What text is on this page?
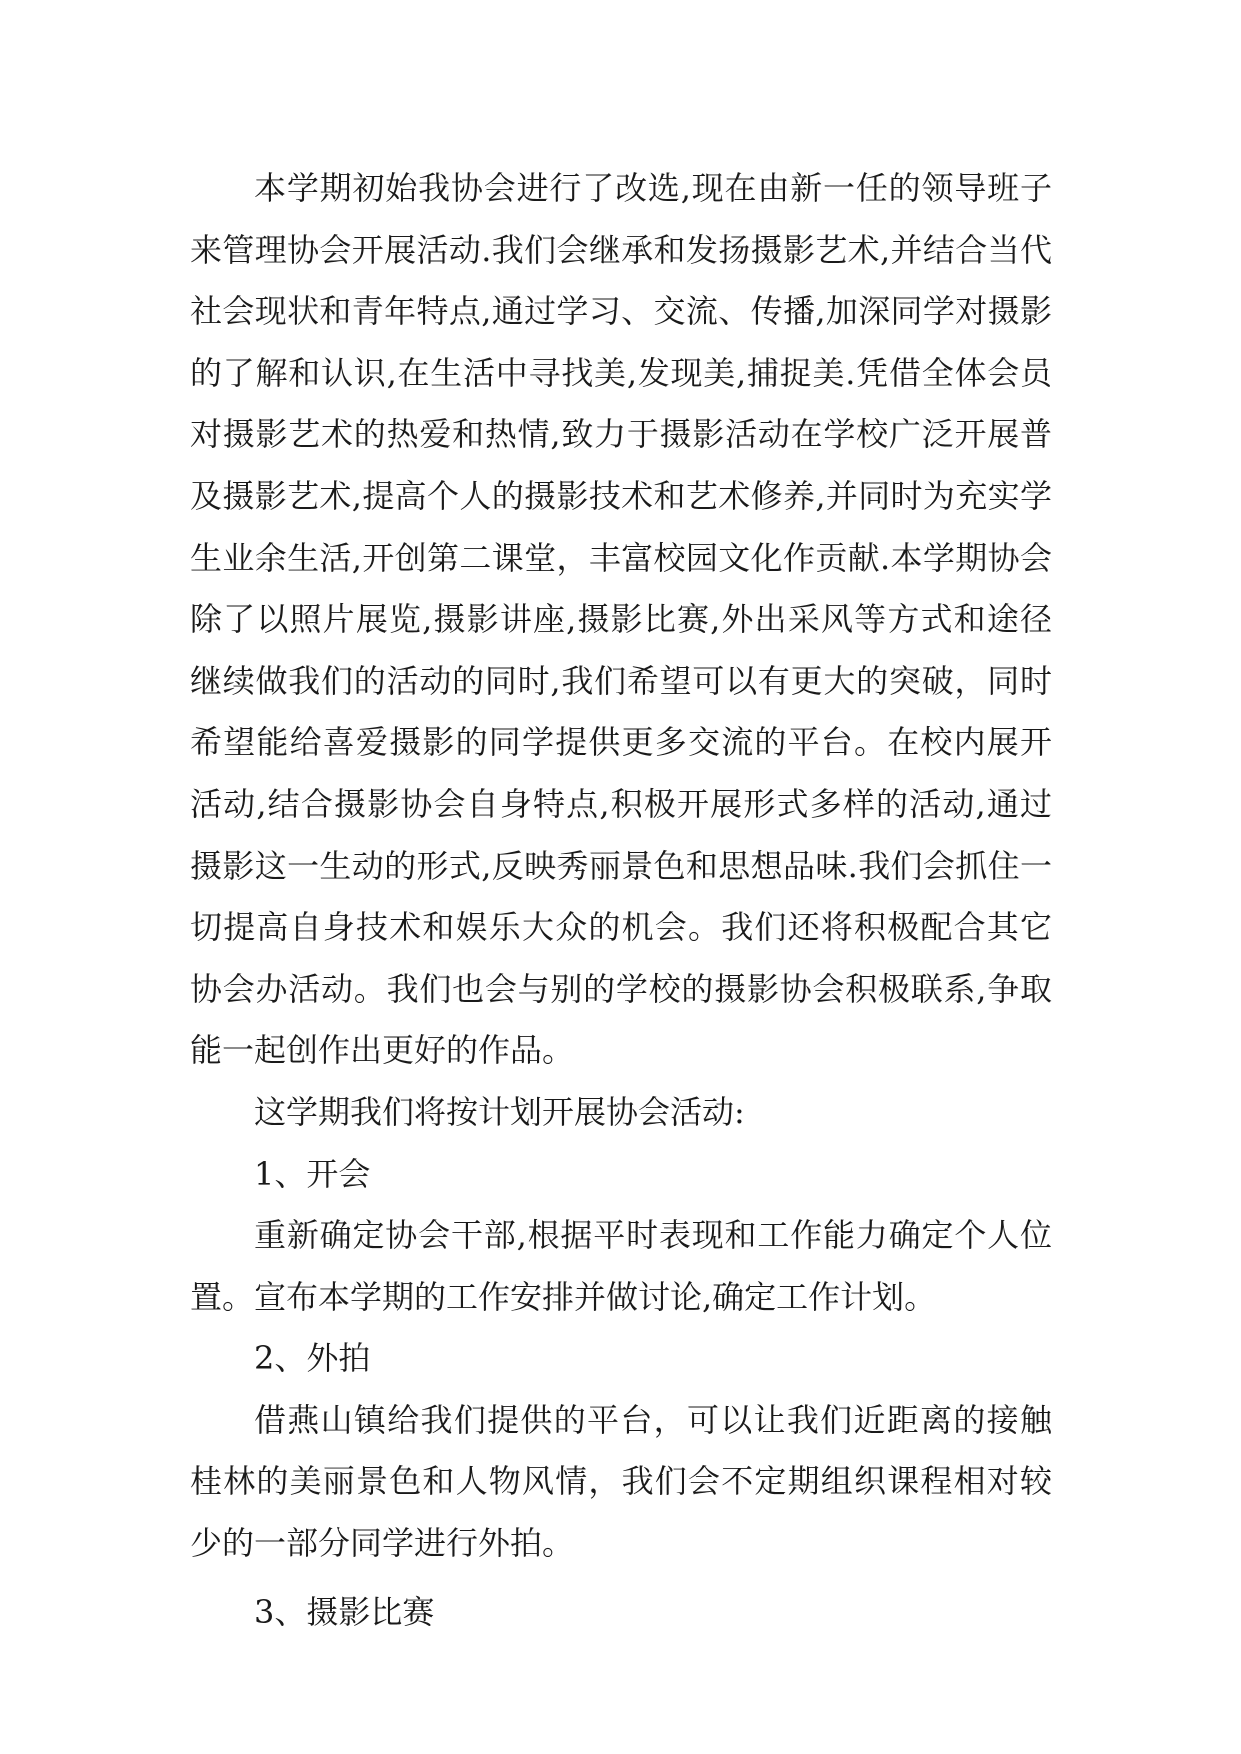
本学期初始我协会进行了改选,现在由新一任的领导班子来管理协会开展活动.我们会继承和发扬摄影艺术,并结合当代社会现状和青年特点,通过学习、交流、传播,加深同学对摄影的了解和认识,在生活中寻找美,发现美,捕捉美.凭借全体会员对摄影艺术的热爱和热情,致力于摄影活动在学校广泛开展普及摄影艺术,提高个人的摄影技术和艺术修养,并同时为充实学生业余生活,开创第二课堂，丰富校园文化作贡献.本学期协会除了以照片展览,摄影讲座,摄影比赛,外出采风等方式和途径继续做我们的活动的同时,我们希望可以有更大的突破，同时希望能给喜爱摄影的同学提供更多交流的平台。在校内展开活动,结合摄影协会自身特点,积极开展形式多样的活动,通过摄影这一生动的形式,反映秀丽景色和思想品味.我们会抓住一切提高自身技术和娱乐大众的机会。我们还将积极配合其它协会办活动。我们也会与别的学校的摄影协会积极联系,争取能一起创作出更好的作品。

这学期我们将按计划开展协会活动:

1、开会

重新确定协会干部,根据平时表现和工作能力确定个人位置。宣布本学期的工作安排并做讨论,确定工作计划。

2、外拍

借燕山镇给我们提供的平台，可以让我们近距离的接触桂林的美丽景色和人物风情，我们会不定期组织课程相对较少的一部分同学进行外拍。

3、摄影比赛
